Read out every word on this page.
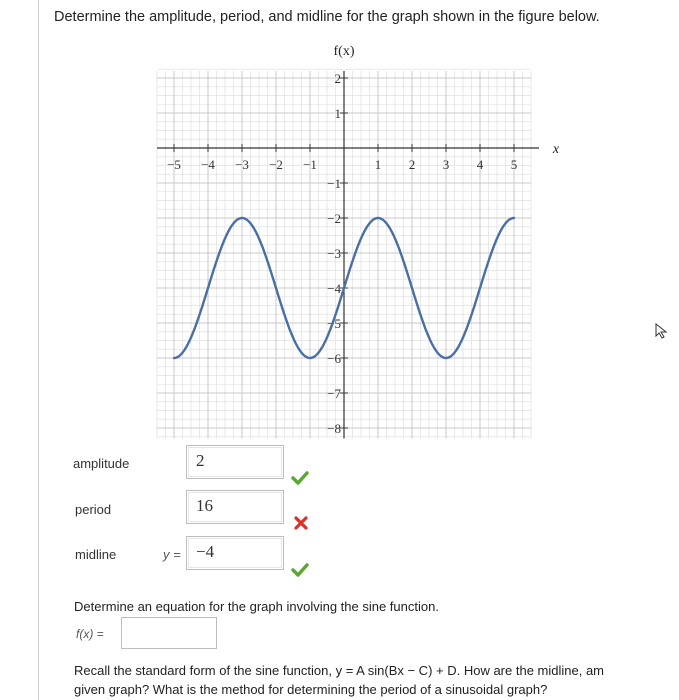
Determine the amplitude, period, and midline for the graph shown in the figure below.
−5 −4 −3 −2 −1	1 2 3 4 5
2
1
−1
−2
−3
−4
−5
−6
−7
−8
f(x)
x
amplitude	2
period	16
midline	y = −4
Determine an equation for the graph involving the sine function.
f(x) =
Recall the standard form of the sine function, y = A sin(Bx − C) + D. How are the midline, am
given graph? What is the method for determining the period of a sinusoidal graph?
